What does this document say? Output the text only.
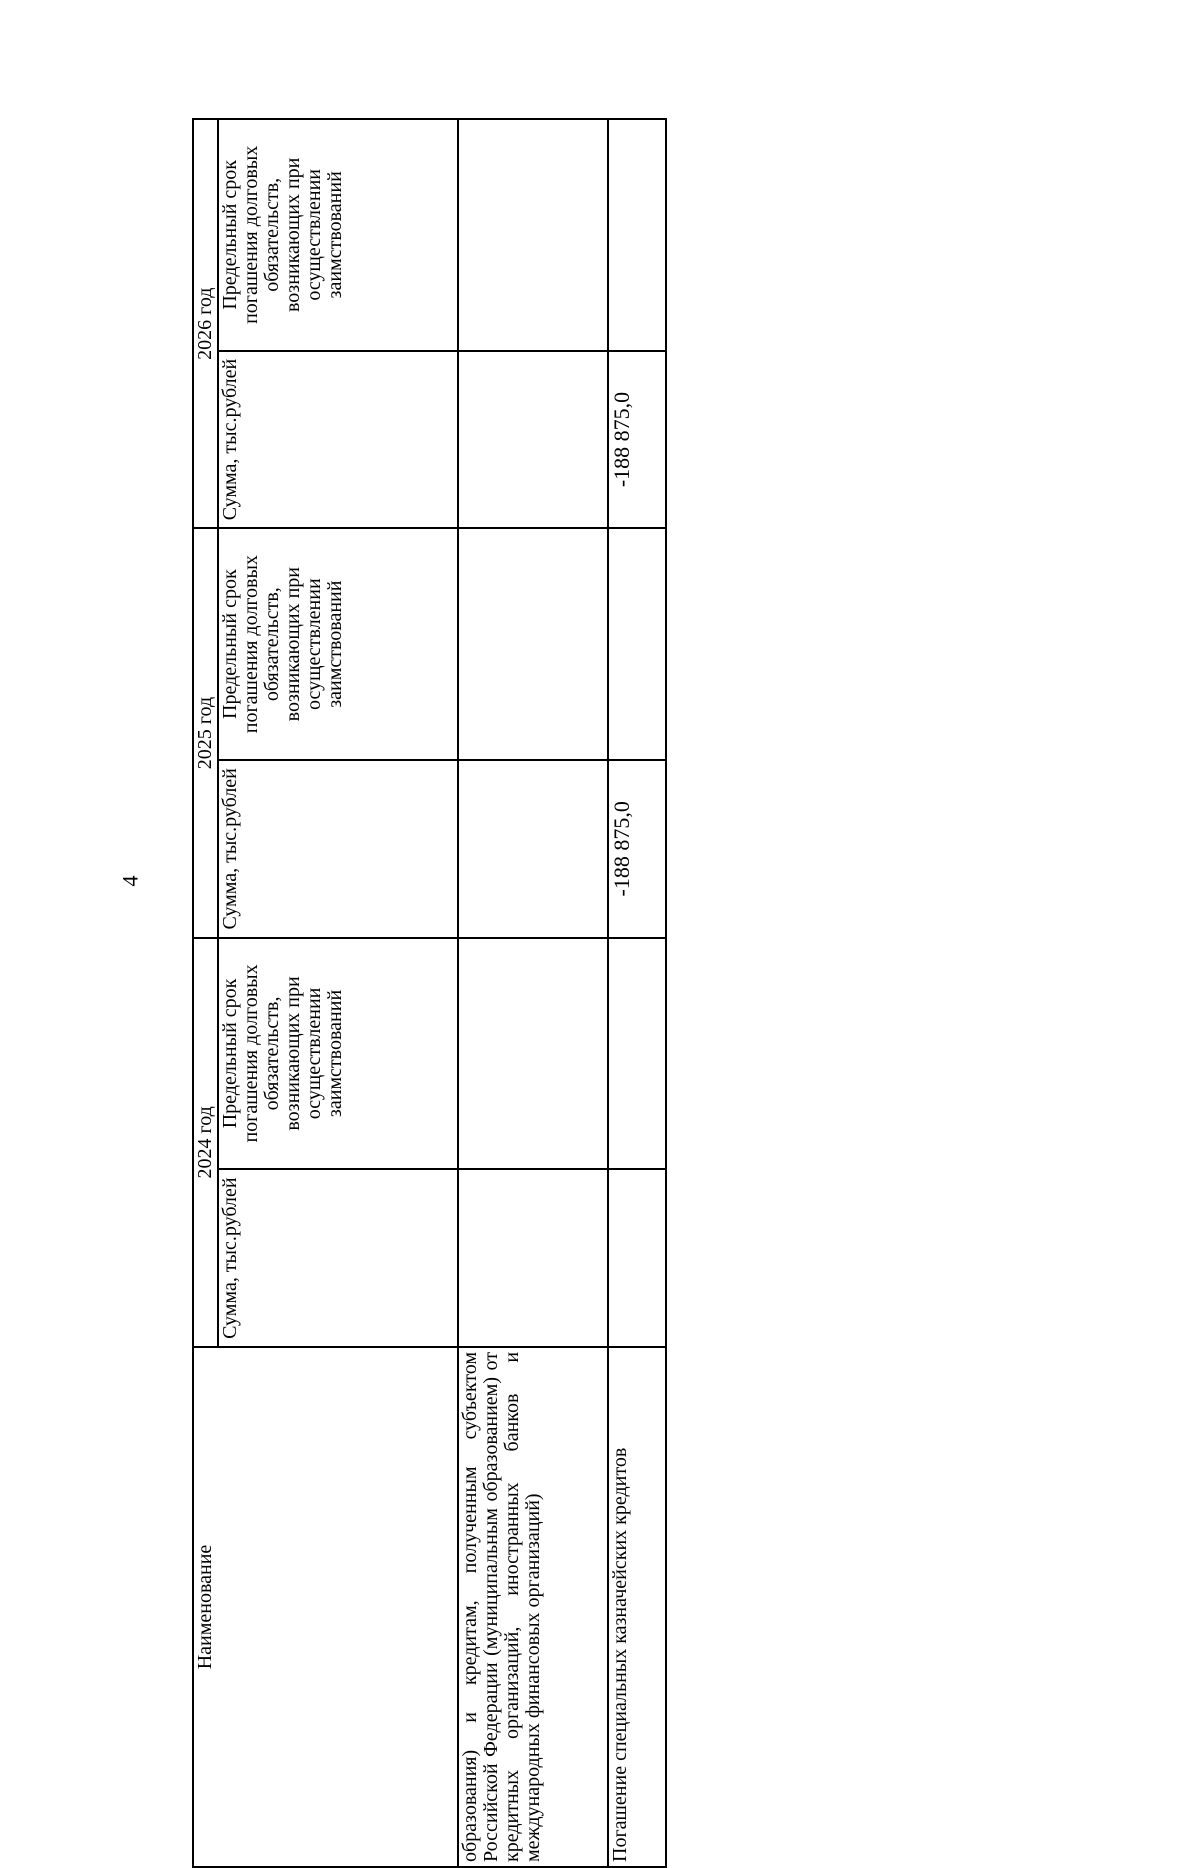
4
Наименование	2024 год		2025 год		2026 год	
	Сумма, тыс.рублей	Предельный срок погашения долговых обязательств, возникающих при осуществлении заимствований	Сумма, тыс.рублей	Предельный срок погашения долговых обязательств, возникающих при осуществлении заимствований	Сумма, тыс.рублей	Предельный срок погашения долговых обязательств, возникающих при осуществлении заимствований
образования) и кредитам, полученным субъектом Российской Федерации (муниципальным образованием) от кредитных организаций, иностранных банков и международных финансовых организаций)						
Погашение специальных казначейских кредитов			-188 875,0		-188 875,0	
